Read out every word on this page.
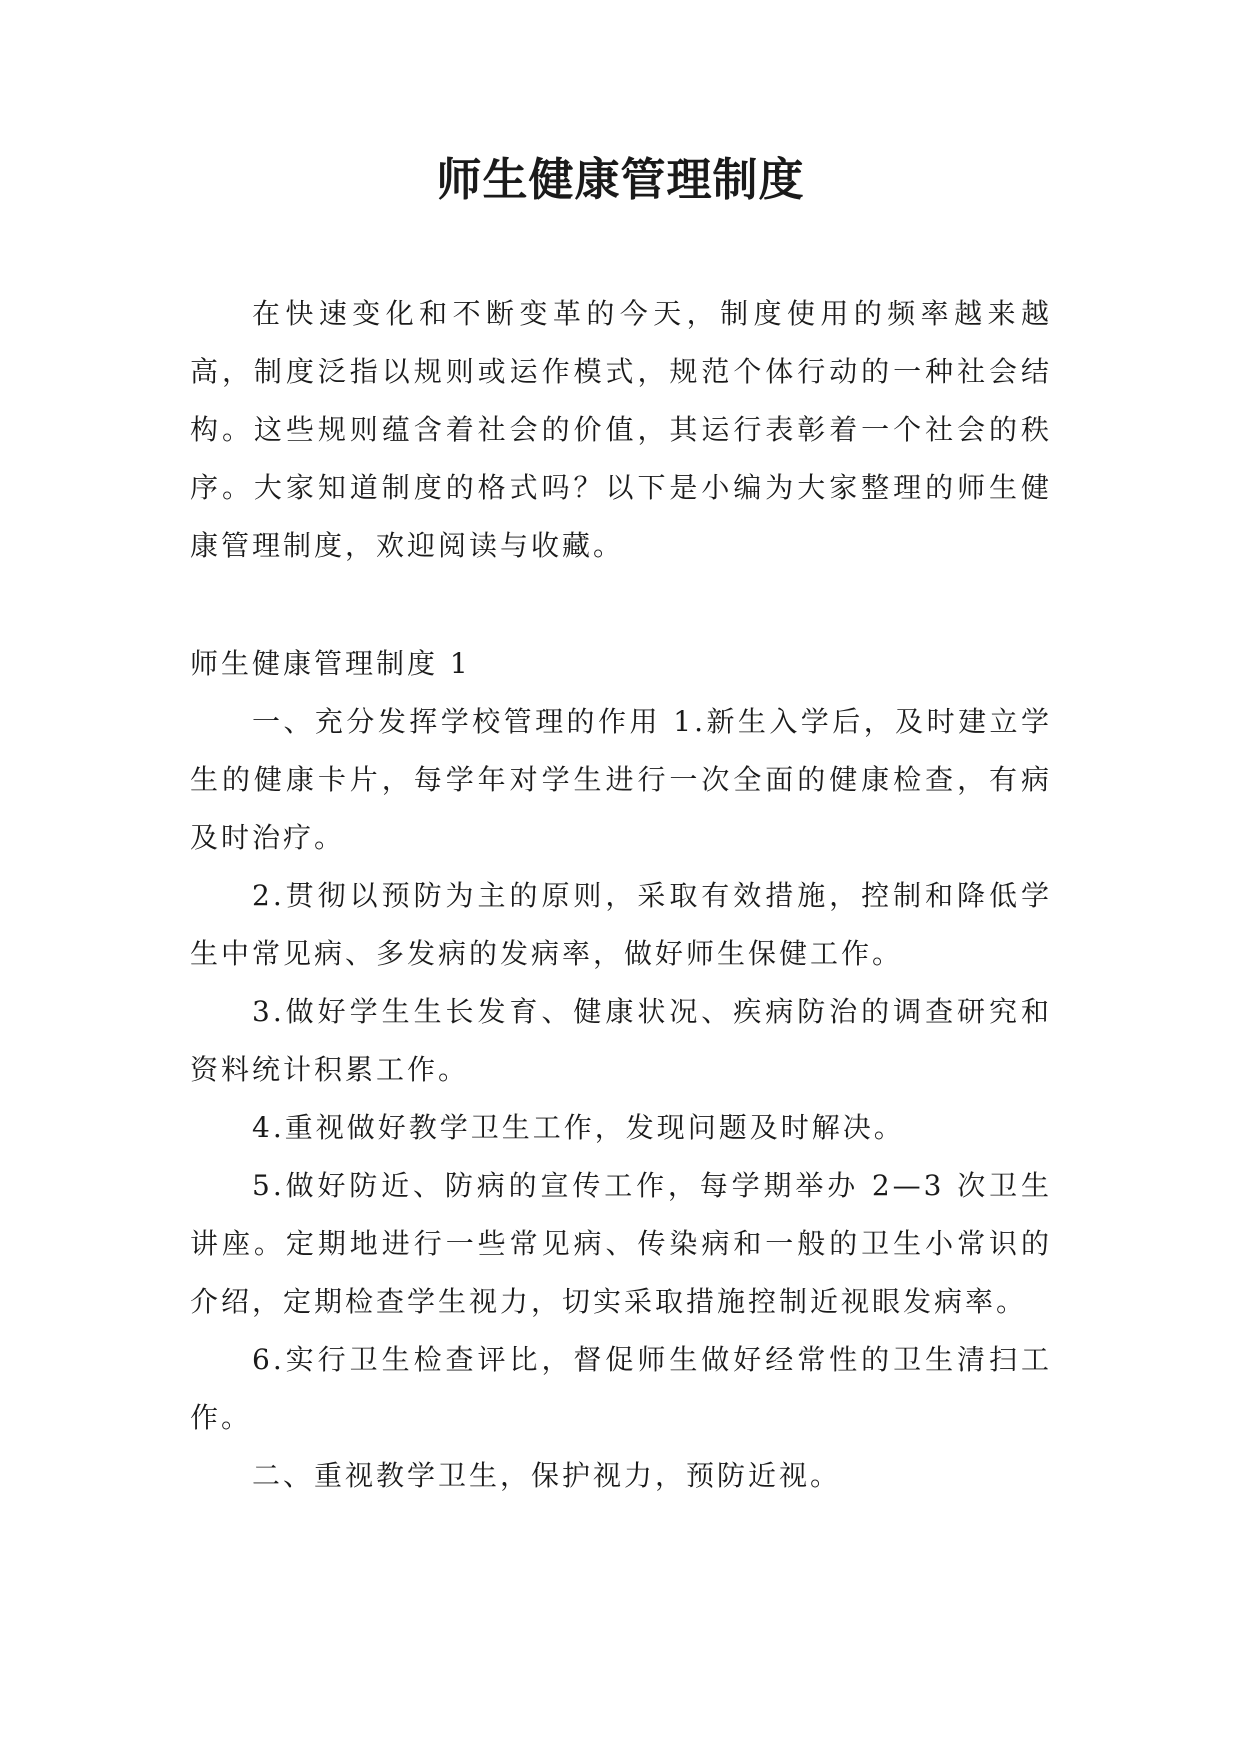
师生健康管理制度

在快速变化和不断变革的今天，制度使用的频率越来越高，制度泛指以规则或运作模式，规范个体行动的一种社会结构。这些规则蕴含着社会的价值，其运行表彰着一个社会的秩序。大家知道制度的格式吗？以下是小编为大家整理的师生健康管理制度，欢迎阅读与收藏。

师生健康管理制度 1

一、充分发挥学校管理的作用 1.新生入学后，及时建立学生的健康卡片，每学年对学生进行一次全面的健康检查，有病及时治疗。

2.贯彻以预防为主的原则，采取有效措施，控制和降低学生中常见病、多发病的发病率，做好师生保健工作。

3.做好学生生长发育、健康状况、疾病防治的调查研究和资料统计积累工作。

4.重视做好教学卫生工作，发现问题及时解决。

5.做好防近、防病的宣传工作，每学期举办 2—3 次卫生讲座。定期地进行一些常见病、传染病和一般的卫生小常识的介绍，定期检查学生视力，切实采取措施控制近视眼发病率。

6.实行卫生检查评比，督促师生做好经常性的卫生清扫工作。

二、重视教学卫生，保护视力，预防近视。
